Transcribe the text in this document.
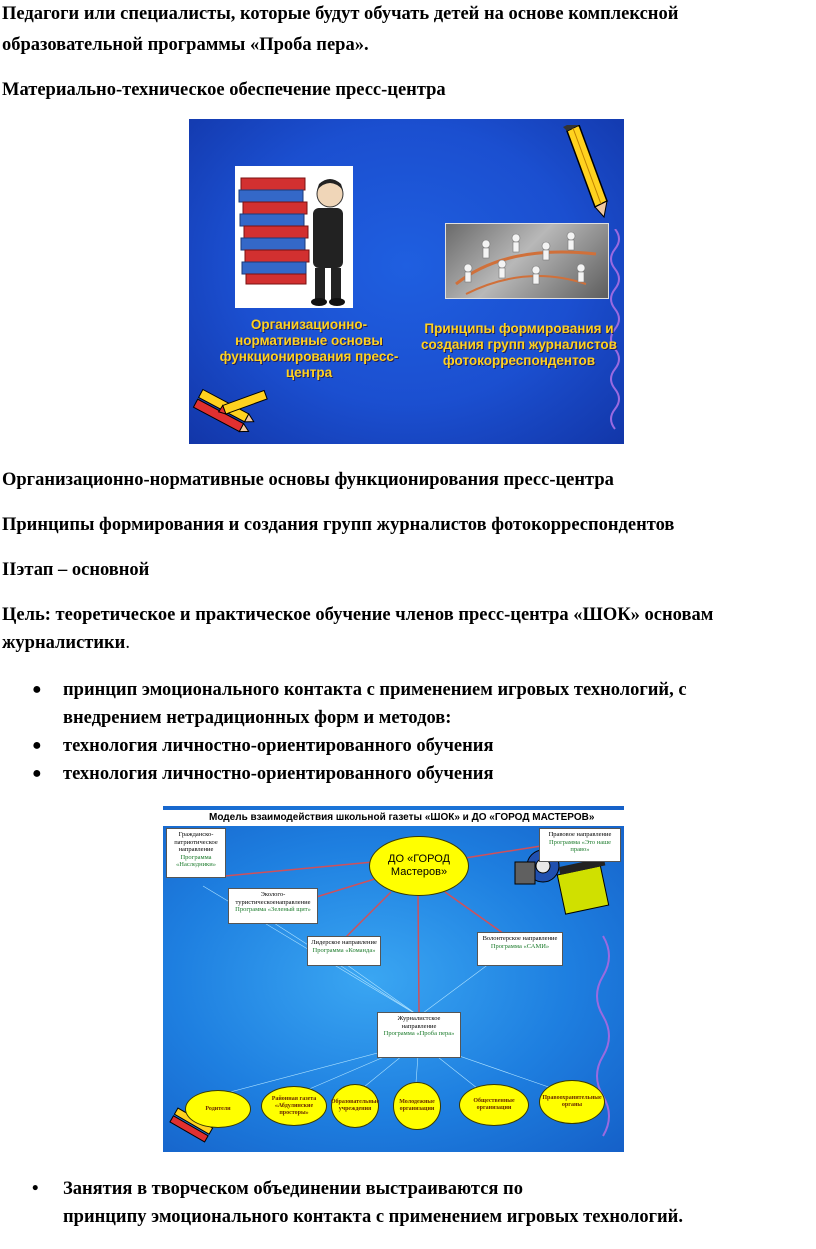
Педагоги или специалисты, которые будут обучать детей на основе комплексной

образовательной программы «Проба пера».

Материально-техническое обеспечение пресс-центра

Организационно-нормативные основы функционирования пресс-центра
Принципы формирования и создания групп журналистов фотокорреспондентов

Организационно-нормативные основы функционирования пресс-центра

Принципы формирования и создания групп журналистов фотокорреспондентов

IIэтап – основной

Цель: теоретическое и практическое обучение членов пресс-центра «ШОК» основам
журналистики.
● принцип эмоционального контакта с применением игровых технологий, с
внедрением нетрадиционных форм и методов:
● технология личностно-ориентированного обучения
● технология личностно-ориентированного обучения
Модель взаимодействия школьной газеты «ШОК» и ДО «ГОРОД МАСТЕРОВ»
ДО «ГОРОД Мастеров»
Гражданско-патриотическое направление
Программа «Наследники»
Правовое направление
Программа «Это наше право»
Эколого-туристическоенаправление
Программа «Зеленый щит»
Лидерское направление
Программа «Команда»
Волонтерское направление
Программа «САМИ»
Журналистское направление
Программа «Проба пера»
Родители
Районная газета «Абдулинские просторы»
Образовательные учреждения
Молодежные организации
Общественные организации
Правоохранительные органы
•	Занятия в творческом объединении выстраиваются по
принципу эмоционального контакта с применением игровых технологий.
